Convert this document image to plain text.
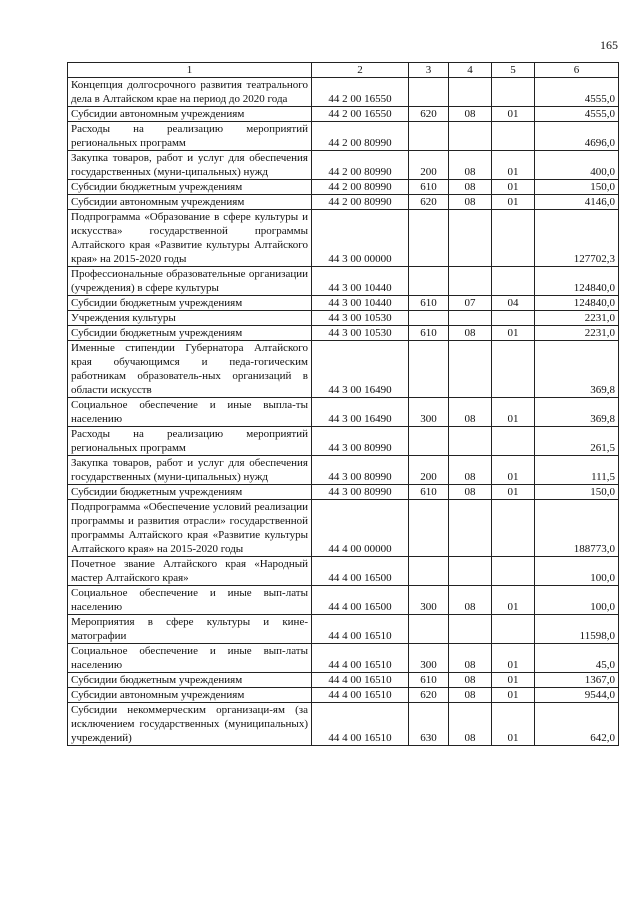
165
1	2	3	4	5	6
Концепция долгосрочного развития театрального дела в Алтайском крае на период до 2020 года	44 2 00 16550				4555,0
Субсидии автономным учреждениям	44 2 00 16550	620	08	01	4555,0
Расходы на реализацию мероприятий региональных программ	44 2 00 80990				4696,0
Закупка товаров, работ и услуг для обеспечения государственных (муни-ципальных) нужд	44 2 00 80990	200	08	01	400,0
Субсидии бюджетным учреждениям	44 2 00 80990	610	08	01	150,0
Субсидии автономным учреждениям	44 2 00 80990	620	08	01	4146,0
Подпрограмма «Образование в сфере культуры и искусства» государственной программы Алтайского края «Развитие культуры Алтайского края» на 2015-2020 годы	44 3 00 00000				127702,3
Профессиональные образовательные организации (учреждения) в сфере культуры	44 3 00 10440				124840,0
Субсидии бюджетным учреждениям	44 3 00 10440	610	07	04	124840,0
Учреждения культуры	44 3 00 10530				2231,0
Субсидии бюджетным учреждениям	44 3 00 10530	610	08	01	2231,0
Именные стипендии Губернатора Алтайского края обучающимся и педа-гогическим работникам образователь-ных организаций в области искусств	44 3 00 16490				369,8
Социальное обеспечение и иные выпла-ты населению	44 3 00 16490	300	08	01	369,8
Расходы на реализацию мероприятий региональных программ	44 3 00 80990				261,5
Закупка товаров, работ и услуг для обеспечения государственных (муни-ципальных) нужд	44 3 00 80990	200	08	01	111,5
Субсидии бюджетным учреждениям	44 3 00 80990	610	08	01	150,0
Подпрограмма «Обеспечение условий реализации программы и развития отрасли» государственной программы Алтайского края «Развитие культуры Алтайского края» на 2015-2020 годы	44 4 00 00000				188773,0
Почетное звание Алтайского края «Народный мастер Алтайского края»	44 4 00 16500				100,0
Социальное обеспечение и иные вып-латы населению	44 4 00 16500	300	08	01	100,0
Мероприятия в сфере культуры и кине-матографии	44 4 00 16510				11598,0
Социальное обеспечение и иные вып-латы населению	44 4 00 16510	300	08	01	45,0
Субсидии бюджетным учреждениям	44 4 00 16510	610	08	01	1367,0
Субсидии автономным учреждениям	44 4 00 16510	620	08	01	9544,0
Субсидии некоммерческим организаци-ям (за исключением государственных (муниципальных) учреждений)	44 4 00 16510	630	08	01	642,0
